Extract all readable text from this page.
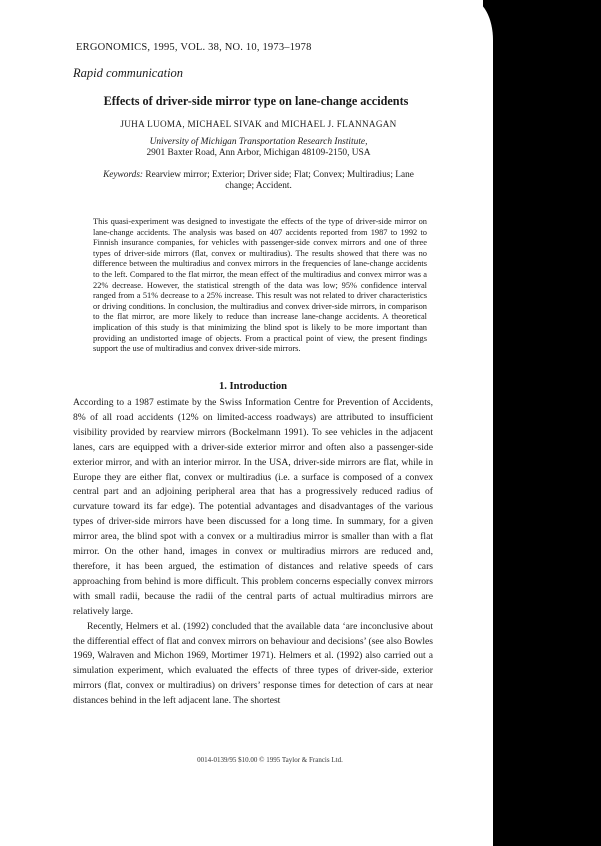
ERGONOMICS, 1995, VOL. 38, NO. 10, 1973–1978
Rapid communication
Effects of driver-side mirror type on lane-change accidents
JUHA LUOMA, MICHAEL SIVAK and MICHAEL J. FLANNAGAN
University of Michigan Transportation Research Institute,
2901 Baxter Road, Ann Arbor, Michigan 48109-2150, USA
Keywords: Rearview mirror; Exterior; Driver side; Flat; Convex; Multiradius; Lane change; Accident.

This quasi-experiment was designed to investigate the effects of the type of driver-side mirror on lane-change accidents. The analysis was based on 407 accidents reported from 1987 to 1992 to Finnish insurance companies, for vehicles with passenger-side convex mirrors and one of three types of driver-side mirrors (flat, convex or multiradius). The results showed that there was no difference between the multiradius and convex mirrors in the frequencies of lane-change accidents to the left. Compared to the flat mirror, the mean effect of the multiradius and convex mirror was a 22% decrease. However, the statistical strength of the data was low; 95% confidence interval ranged from a 51% decrease to a 25% increase. This result was not related to driver characteristics or driving conditions. In conclusion, the multiradius and convex driver-side mirrors, in comparison to the flat mirror, are more likely to reduce than increase lane-change accidents. A theoretical implication of this study is that minimizing the blind spot is likely to be more important than providing an undistorted image of objects. From a practical point of view, the present findings support the use of multiradius and convex driver-side mirrors.

1. Introduction

According to a 1987 estimate by the Swiss Information Centre for Prevention of Accidents, 8% of all road accidents (12% on limited-access roadways) are attributed to insufficient visibility provided by rearview mirrors (Bockelmann 1991). To see vehicles in the adjacent lanes, cars are equipped with a driver-side exterior mirror and often also a passenger-side exterior mirror, and with an interior mirror. In the USA, driver-side mirrors are flat, while in Europe they are either flat, convex or multiradius (i.e. a surface is composed of a convex central part and an adjoining peripheral area that has a progressively reduced radius of curvature toward its far edge). The potential advantages and disadvantages of the various types of driver-side mirrors have been discussed for a long time. In summary, for a given mirror area, the blind spot with a convex or a multiradius mirror is smaller than with a flat mirror. On the other hand, images in convex or multiradius mirrors are reduced and, therefore, it has been argued, the estimation of distances and relative speeds of cars approaching from behind is more difficult. This problem concerns especially convex mirrors with small radii, because the radii of the central parts of actual multiradius mirrors are relatively large.

Recently, Helmers et al. (1992) concluded that the available data ‘are inconclusive about the differential effect of flat and convex mirrors on behaviour and decisions’ (see also Bowles 1969, Walraven and Michon 1969, Mortimer 1971). Helmers et al. (1992) also carried out a simulation experiment, which evaluated the effects of three types of driver-side, exterior mirrors (flat, convex or multiradius) on drivers’ response times for detection of cars at near distances behind in the left adjacent lane. The shortest

0014-0139/95 $10.00 © 1995 Taylor & Francis Ltd.
